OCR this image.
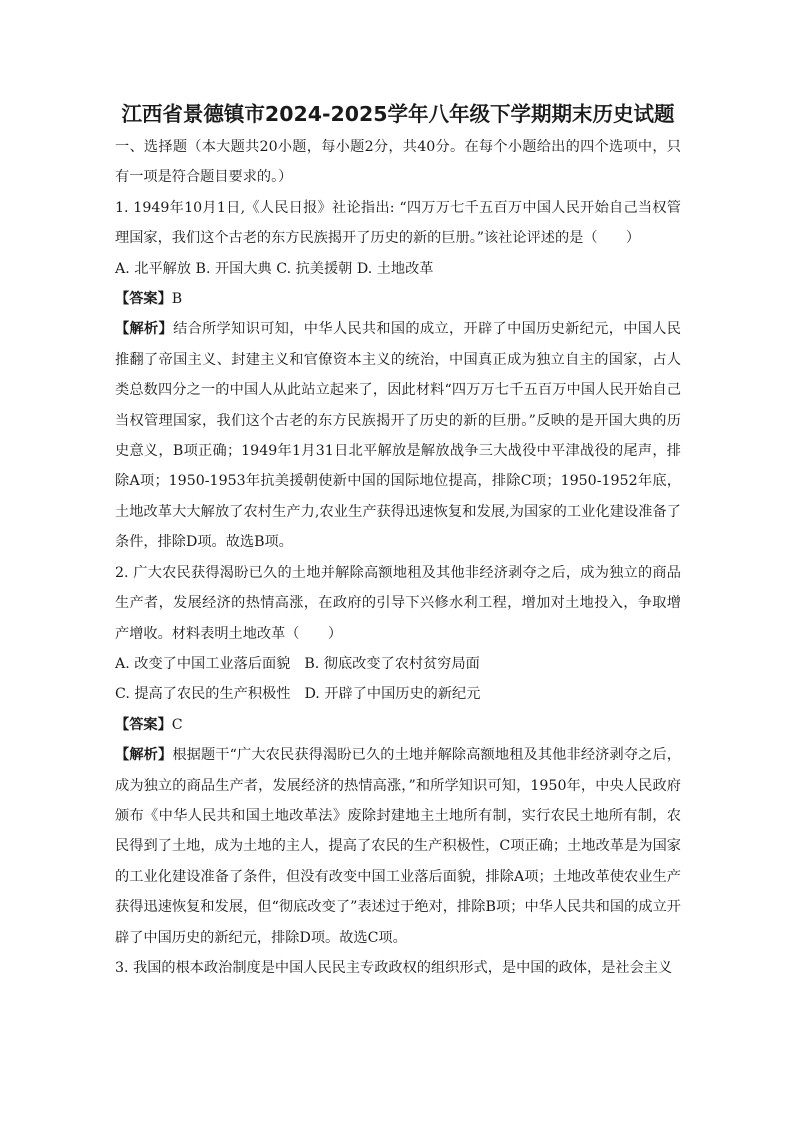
江西省景德镇市2024-2025学年八年级下学期期末历史试题

一、选择题（本大题共20小题，每小题2分，共40分。在每个小题给出的四个选项中，只有一项是符合题目要求的。）

1. 1949年10月1日,《人民日报》社论指出: “四万万七千五百万中国人民开始自己当权管理国家，我们这个古老的东方民族揭开了历史的新的巨册。”该社论评述的是（　　）

A. 北平解放 B. 开国大典 C. 抗美援朝 D. 土地改革

【答案】B

【解析】结合所学知识可知，中华人民共和国的成立，开辟了中国历史新纪元，中国人民推翻了帝国主义、封建主义和官僚资本主义的统治，中国真正成为独立自主的国家，占人类总数四分之一的中国人从此站立起来了，因此材料“四万万七千五百万中国人民开始自己当权管理国家，我们这个古老的东方民族揭开了历史的新的巨册。”反映的是开国大典的历史意义，B项正确；1949年1月31日北平解放是解放战争三大战役中平津战役的尾声，排除A项；1950-1953年抗美援朝使新中国的国际地位提高，排除C项；1950-1952年底，土地改革大大解放了农村生产力,农业生产获得迅速恢复和发展,为国家的工业化建设准备了条件，排除D项。故选B项。

2. 广大农民获得渴盼已久的土地并解除高额地租及其他非经济剥夺之后，成为独立的商品生产者，发展经济的热情高涨，在政府的引导下兴修水利工程，增加对土地投入，争取增产增收。材料表明土地改革（　　）

A. 改变了中国工业落后面貌 B. 彻底改变了农村贫穷局面

C. 提高了农民的生产积极性 D. 开辟了中国历史的新纪元

【答案】C

【解析】根据题干“广大农民获得渴盼已久的土地并解除高额地租及其他非经济剥夺之后，成为独立的商品生产者，发展经济的热情高涨，”和所学知识可知，1950年，中央人民政府颁布《中华人民共和国土地改革法》废除封建地主土地所有制，实行农民土地所有制，农民得到了土地，成为土地的主人，提高了农民的生产积极性，C项正确；土地改革是为国家的工业化建设准备了条件，但没有改变中国工业落后面貌，排除A项；土地改革使农业生产获得迅速恢复和发展，但“彻底改变了”表述过于绝对，排除B项；中华人民共和国的成立开辟了中国历史的新纪元，排除D项。故选C项。

3. 我国的根本政治制度是中国人民民主专政政权的组织形式，是中国的政体，是社会主义
